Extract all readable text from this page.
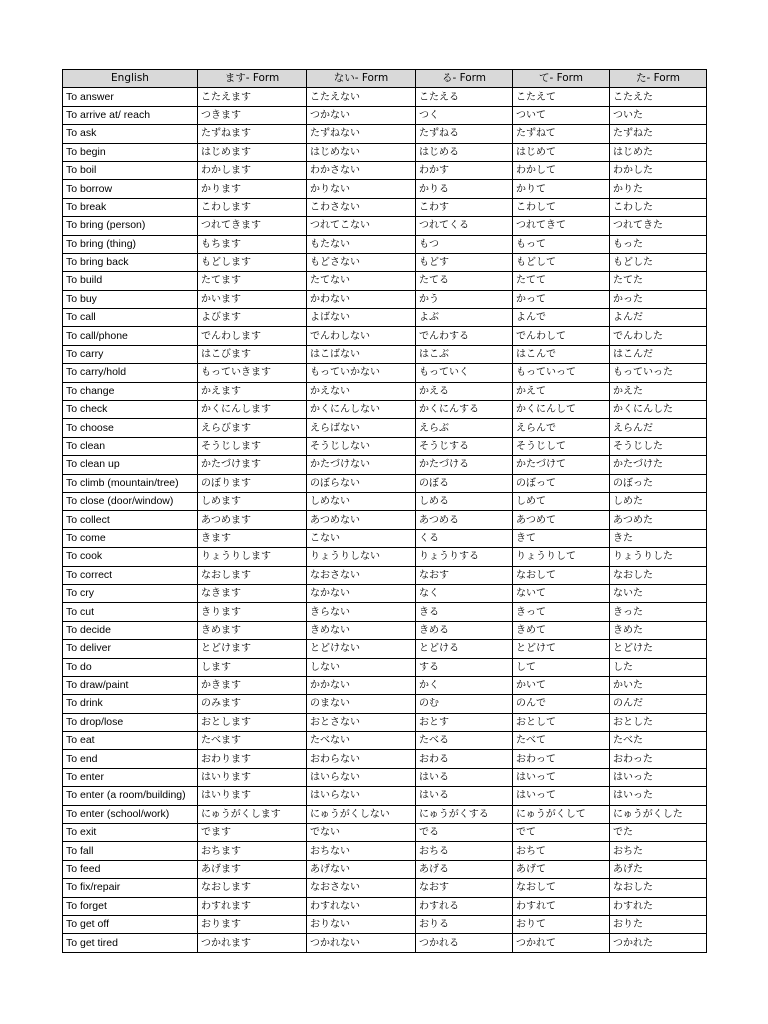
English	ます- Form	ない- Form	る- Form	て- Form	た- Form
To answer	こたえます	こたえない	こたえる	こたえて	こたえた
To arrive at/ reach	つきます	つかない	つく	ついて	ついた
To ask	たずねます	たずねない	たずねる	たずねて	たずねた
To begin	はじめます	はじめない	はじめる	はじめて	はじめた
To boil	わかします	わかさない	わかす	わかして	わかした
To borrow	かります	かりない	かりる	かりて	かりた
To break	こわします	こわさない	こわす	こわして	こわした
To bring (person)	つれてきます	つれてこない	つれてくる	つれてきて	つれてきた
To bring (thing)	もちます	もたない	もつ	もって	もった
To bring back	もどします	もどさない	もどす	もどして	もどした
To build	たてます	たてない	たてる	たてて	たてた
To buy	かいます	かわない	かう	かって	かった
To call	よびます	よばない	よぶ	よんで	よんだ
To call/phone	でんわします	でんわしない	でんわする	でんわして	でんわした
To carry	はこびます	はこばない	はこぶ	はこんで	はこんだ
To carry/hold	もっていきます	もっていかない	もっていく	もっていって	もっていった
To change	かえます	かえない	かえる	かえて	かえた
To check	かくにんします	かくにんしない	かくにんする	かくにんして	かくにんした
To choose	えらびます	えらばない	えらぶ	えらんで	えらんだ
To clean	そうじします	そうじしない	そうじする	そうじして	そうじした
To clean up	かたづけます	かたづけない	かたづける	かたづけて	かたづけた
To climb (mountain/tree)	のぼります	のぼらない	のぼる	のぼって	のぼった
To close (door/window)	しめます	しめない	しめる	しめて	しめた
To collect	あつめます	あつめない	あつめる	あつめて	あつめた
To come	きます	こない	くる	きて	きた
To cook	りょうりします	りょうりしない	りょうりする	りょうりして	りょうりした
To correct	なおします	なおさない	なおす	なおして	なおした
To cry	なきます	なかない	なく	ないて	ないた
To cut	きります	きらない	きる	きって	きった
To decide	きめます	きめない	きめる	きめて	きめた
To deliver	とどけます	とどけない	とどける	とどけて	とどけた
To do	します	しない	する	して	した
To draw/paint	かきます	かかない	かく	かいて	かいた
To drink	のみます	のまない	のむ	のんで	のんだ
To drop/lose	おとします	おとさない	おとす	おとして	おとした
To eat	たべます	たべない	たべる	たべて	たべた
To end	おわります	おわらない	おわる	おわって	おわった
To enter	はいります	はいらない	はいる	はいって	はいった
To enter (a room/building)	はいります	はいらない	はいる	はいって	はいった
To enter (school/work)	にゅうがくします	にゅうがくしない	にゅうがくする	にゅうがくして	にゅうがくした
To exit	でます	でない	でる	でて	でた
To fall	おちます	おちない	おちる	おちて	おちた
To feed	あげます	あげない	あげる	あげて	あげた
To fix/repair	なおします	なおさない	なおす	なおして	なおした
To forget	わすれます	わすれない	わすれる	わすれて	わすれた
To get off	おります	おりない	おりる	おりて	おりた
To get tired	つかれます	つかれない	つかれる	つかれて	つかれた
